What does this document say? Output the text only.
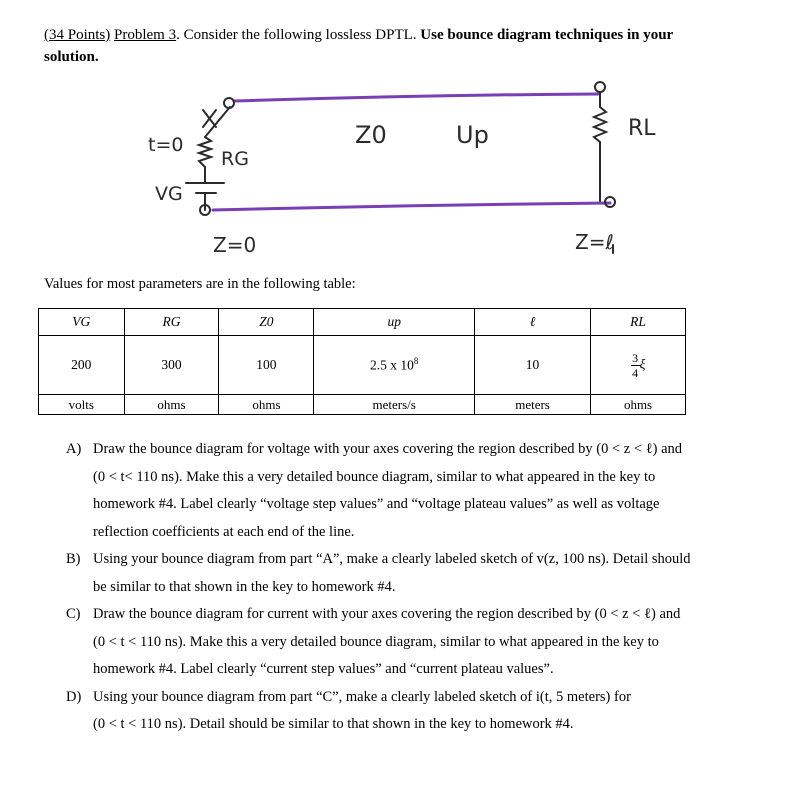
(34 Points) Problem 3. Consider the following lossless DPTL. Use bounce diagram techniques in your
solution.
t=0
RG
VG
Z0	Up	RL
Z=0	Z=ℓ
Values for most parameters are in the following table:
VG	RG	Z0	up	ℓ	RL
200	300	100	2.5 x $10^8$	10	$\frac{3}{4}$ ξ
volts	ohms	ohms	meters/s	meters	ohms
A) Draw the bounce diagram for voltage with your axes covering the region described by (0 < z < ℓ) and
(0 < t< 110 ns). Make this a very detailed bounce diagram, similar to what appeared in the key to
homework #4. Label clearly “voltage step values” and “voltage plateau values” as well as voltage
reflection coefficients at each end of the line.
B) Using your bounce diagram from part “A”, make a clearly labeled sketch of v(z, 100 ns). Detail should
be similar to that shown in the key to homework #4.
C) Draw the bounce diagram for current with your axes covering the region described by (0 < z < ℓ) and
(0 < t < 110 ns). Make this a very detailed bounce diagram, similar to what appeared in the key to
homework #4. Label clearly “current step values” and “current plateau values”.
D) Using your bounce diagram from part “C”, make a clearly labeled sketch of i(t, 5 meters) for
(0 < t < 110 ns). Detail should be similar to that shown in the key to homework #4.
